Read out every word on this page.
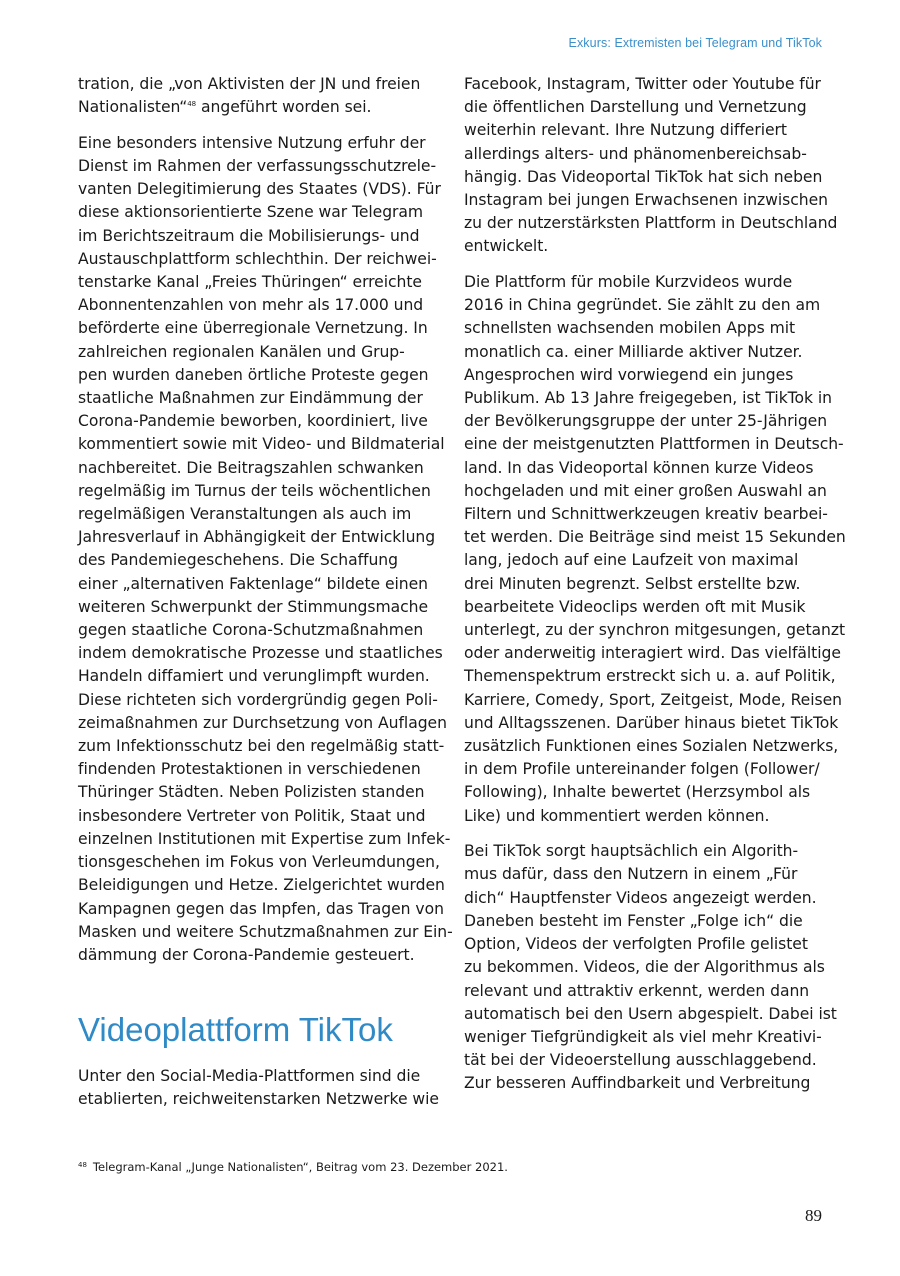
Exkurs: Extremisten bei Telegram und TikTok
tration, die „von Aktivisten der JN und freien
Nationalisten“$^{48}$ angeführt worden sei.
Eine besonders intensive Nutzung erfuhr der
Dienst im Rahmen der verfassungsschutzrele-
vanten Delegitimierung des Staates (VDS). Für
diese aktionsorientierte Szene war Telegram
im Berichtszeitraum die Mobilisierungs- und
Austauschplattform schlechthin. Der reichwei-
tenstarke Kanal „Freies Thüringen“ erreichte
Abonnentenzahlen von mehr als 17.000 und
beförderte eine überregionale Vernetzung. In
zahlreichen regionalen Kanälen und Grup-
pen wurden daneben örtliche Proteste gegen
staatliche Maßnahmen zur Eindämmung der
Corona-Pandemie beworben, koordiniert, live
kommentiert sowie mit Video- und Bildmaterial
nachbereitet. Die Beitragszahlen schwanken
regelmäßig im Turnus der teils wöchentlichen
regelmäßigen Veranstaltungen als auch im
Jahresverlauf in Abhängigkeit der Entwicklung
des Pandemiegeschehens. Die Schaffung
einer „alternativen Faktenlage“ bildete einen
weiteren Schwerpunkt der Stimmungsmache
gegen staatliche Corona-Schutzmaßnahmen
indem demokratische Prozesse und staatliches
Handeln diffamiert und verunglimpft wurden.
Diese richteten sich vordergründig gegen Poli-
zeimaßnahmen zur Durchsetzung von Auflagen
zum Infektionsschutz bei den regelmäßig statt-
findenden Protestaktionen in verschiedenen
Thüringer Städten. Neben Polizisten standen
insbesondere Vertreter von Politik, Staat und
einzelnen Institutionen mit Expertise zum Infek-
tionsgeschehen im Fokus von Verleumdungen,
Beleidigungen und Hetze. Zielgerichtet wurden
Kampagnen gegen das Impfen, das Tragen von
Masken und weitere Schutzmaßnahmen zur Ein-
dämmung der Corona-Pandemie gesteuert.
Videoplattform TikTok
Unter den Social-Media-Plattformen sind die
etablierten, reichweitenstarken Netzwerke wie
Facebook, Instagram, Twitter oder Youtube für
die öffentlichen Darstellung und Vernetzung
weiterhin relevant. Ihre Nutzung differiert
allerdings alters- und phänomenbereichsab-
hängig. Das Videoportal TikTok hat sich neben
Instagram bei jungen Erwachsenen inzwischen
zu der nutzerstärksten Plattform in Deutschland
entwickelt.
Die Plattform für mobile Kurzvideos wurde
2016 in China gegründet. Sie zählt zu den am
schnellsten wachsenden mobilen Apps mit
monatlich ca. einer Milliarde aktiver Nutzer.
Angesprochen wird vorwiegend ein junges
Publikum. Ab 13 Jahre freigegeben, ist TikTok in
der Bevölkerungsgruppe der unter 25-Jährigen
eine der meistgenutzten Plattformen in Deutsch-
land. In das Videoportal können kurze Videos
hochgeladen und mit einer großen Auswahl an
Filtern und Schnittwerkzeugen kreativ bearbei-
tet werden. Die Beiträge sind meist 15 Sekunden
lang, jedoch auf eine Laufzeit von maximal
drei Minuten begrenzt. Selbst erstellte bzw.
bearbeitete Videoclips werden oft mit Musik
unterlegt, zu der synchron mitgesungen, getanzt
oder anderweitig interagiert wird. Das vielfältige
Themenspektrum erstreckt sich u. a. auf Politik,
Karriere, Comedy, Sport, Zeitgeist, Mode, Reisen
und Alltagsszenen. Darüber hinaus bietet TikTok
zusätzlich Funktionen eines Sozialen Netzwerks,
in dem Profile untereinander folgen (Follower/
Following), Inhalte bewertet (Herzsymbol als
Like) und kommentiert werden können.
Bei TikTok sorgt hauptsächlich ein Algorith-
mus dafür, dass den Nutzern in einem „Für
dich“ Hauptfenster Videos angezeigt werden.
Daneben besteht im Fenster „Folge ich“ die
Option, Videos der verfolgten Profile gelistet
zu bekommen. Videos, die der Algorithmus als
relevant und attraktiv erkennt, werden dann
automatisch bei den Usern abgespielt. Dabei ist
weniger Tiefgründigkeit als viel mehr Kreativi-
tät bei der Videoerstellung ausschlaggebend.
Zur besseren Auffindbarkeit und Verbreitung
$^{48}$ Telegram-Kanal „Junge Nationalisten“, Beitrag vom 23. Dezember 2021.
89
